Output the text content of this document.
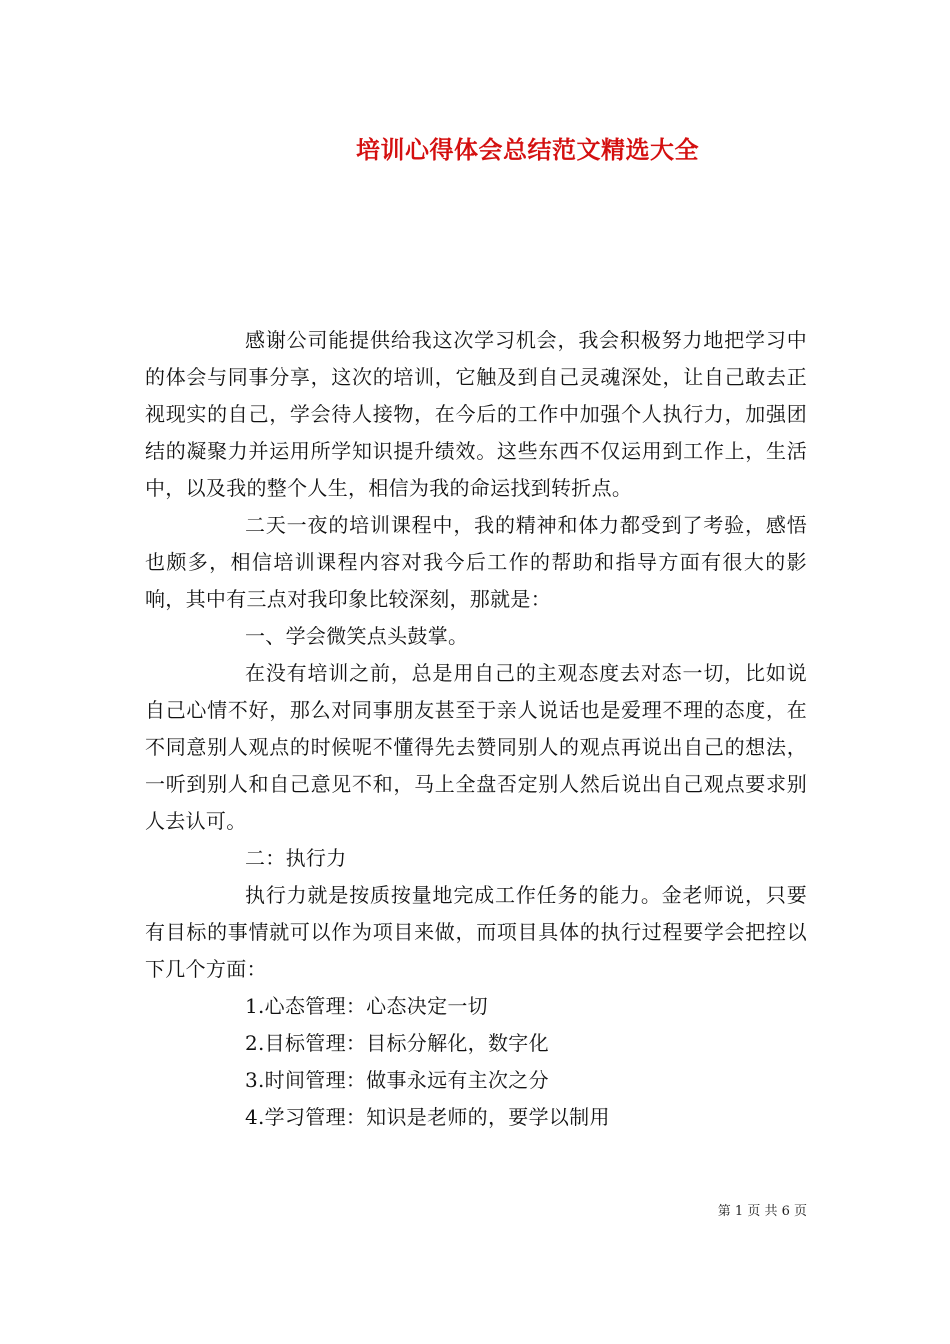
培训心得体会总结范文精选大全

感谢公司能提供给我这次学习机会，我会积极努力地把学习中的体会与同事分享，这次的培训，它触及到自己灵魂深处，让自己敢去正视现实的自己，学会待人接物，在今后的工作中加强个人执行力，加强团结的凝聚力并运用所学知识提升绩效。这些东西不仅运用到工作上，生活中，以及我的整个人生，相信为我的命运找到转折点。

二天一夜的培训课程中，我的精神和体力都受到了考验，感悟也颇多，相信培训课程内容对我今后工作的帮助和指导方面有很大的影响，其中有三点对我印象比较深刻，那就是：

一、学会微笑点头鼓掌。

在没有培训之前，总是用自己的主观态度去对态一切，比如说自己心情不好，那么对同事朋友甚至于亲人说话也是爱理不理的态度，在不同意别人观点的时候呢不懂得先去赞同别人的观点再说出自己的想法，一听到别人和自己意见不和，马上全盘否定别人然后说出自己观点要求别人去认可。

二：执行力

执行力就是按质按量地完成工作任务的能力。金老师说，只要有目标的事情就可以作为项目来做，而项目具体的执行过程要学会把控以下几个方面：

1.心态管理：心态决定一切

2.目标管理：目标分解化，数字化

3.时间管理：做事永远有主次之分

4.学习管理：知识是老师的，要学以制用

第 1 页 共 6 页
